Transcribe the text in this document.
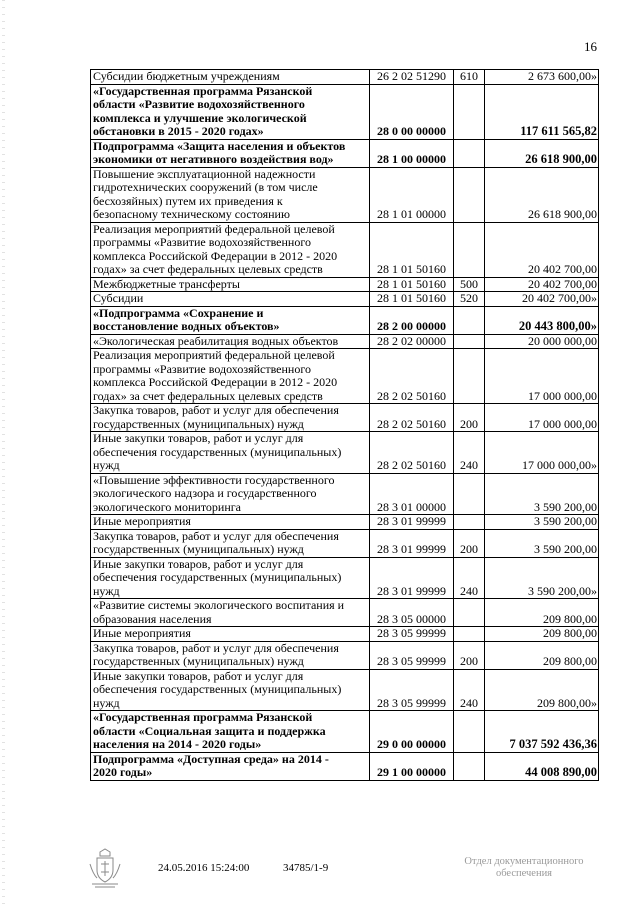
16
Субсидии бюджетным учреждениям	26 2 02 51290	610	2 673 600,00»

«Государственная программа Рязанской
области «Развитие водохозяйственного
комплекса и улучшение экологической
обстановки в 2015 - 2020 годах»	28 0 00 00000		117 611 565,82

Подпрограмма «Защита населения и объектов
экономики от негативного воздействия вод»	28 1 00 00000		26 618 900,00

Повышение эксплуатационной надежности
гидротехнических сооружений (в том числе
бесхозяйных) путем их приведения к
безопасному техническому состоянию	28 1 01 00000		26 618 900,00

Реализация мероприятий федеральной целевой
программы «Развитие водохозяйственного
комплекса Российской Федерации в 2012 - 2020
годах» за счет федеральных целевых средств	28 1 01 50160		20 402 700,00

Межбюджетные трансферты	28 1 01 50160	500	20 402 700,00

Субсидии	28 1 01 50160	520	20 402 700,00»

«Подпрограмма «Сохранение и
восстановление водных объектов»	28 2 00 00000		20 443 800,00»

«Экологическая реабилитация водных объектов	28 2 02 00000		20 000 000,00

Реализация мероприятий федеральной целевой
программы «Развитие водохозяйственного
комплекса Российской Федерации в 2012 - 2020
годах» за счет федеральных целевых средств	28 2 02 50160		17 000 000,00

Закупка товаров, работ и услуг для обеспечения
государственных (муниципальных) нужд	28 2 02 50160	200	17 000 000,00

Иные закупки товаров, работ и услуг для
обеспечения государственных (муниципальных)
нужд	28 2 02 50160	240	17 000 000,00»

«Повышение эффективности государственного
экологического надзора и государственного
экологического мониторинга	28 3 01 00000		3 590 200,00

Иные мероприятия	28 3 01 99999		3 590 200,00

Закупка товаров, работ и услуг для обеспечения
государственных (муниципальных) нужд	28 3 01 99999	200	3 590 200,00

Иные закупки товаров, работ и услуг для
обеспечения государственных (муниципальных)
нужд	28 3 01 99999	240	3 590 200,00»

«Развитие системы экологического воспитания и
образования населения	28 3 05 00000		209 800,00

Иные мероприятия	28 3 05 99999		209 800,00

Закупка товаров, работ и услуг для обеспечения
государственных (муниципальных) нужд	28 3 05 99999	200	209 800,00

Иные закупки товаров, работ и услуг для
обеспечения государственных (муниципальных)
нужд	28 3 05 99999	240	209 800,00»

«Государственная программа Рязанской
области «Социальная защита и поддержка
населения на 2014 - 2020 годы»	29 0 00 00000		7 037 592 436,36

Подпрограмма «Доступная среда» на 2014 -
2020 годы»	29 1 00 00000		44 008 890,00
24.05.2016 15:24:00	34785/1-9
Отдел документационного
обеспечения
